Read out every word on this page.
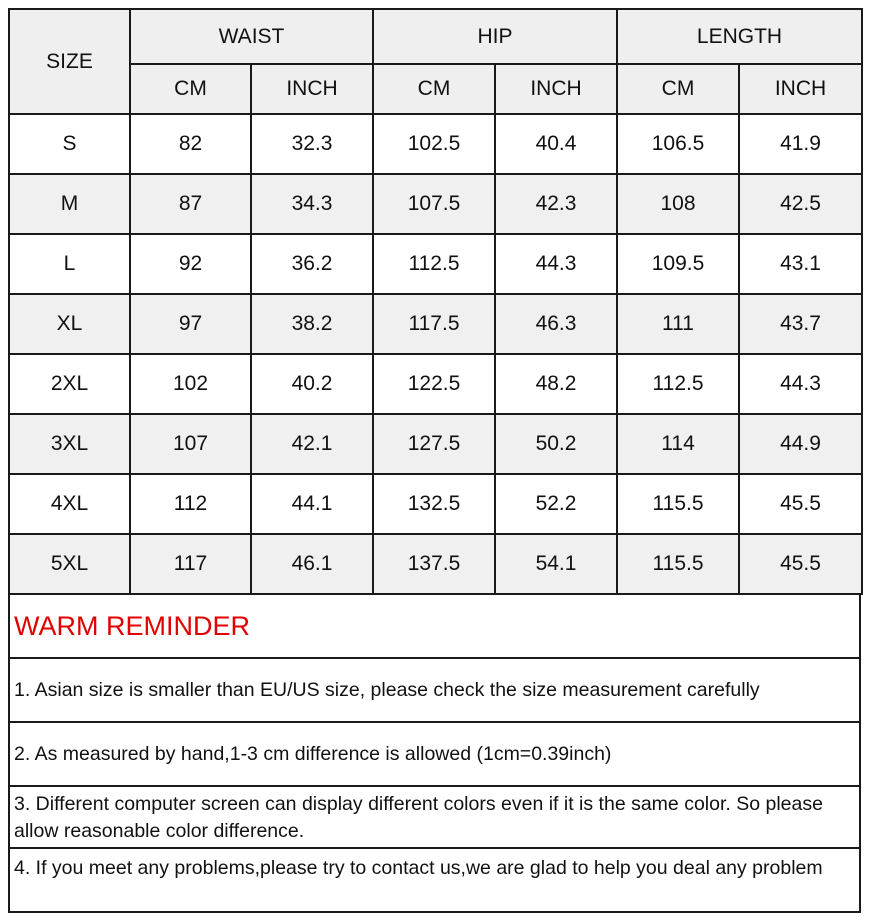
SIZE	WAIST		HIP		LENGTH	
	CM	INCH	CM	INCH	CM	INCH
S	82	32.3	102.5	40.4	106.5	41.9
M	87	34.3	107.5	42.3	108	42.5
L	92	36.2	112.5	44.3	109.5	43.1
XL	97	38.2	117.5	46.3	111	43.7
2XL	102	40.2	122.5	48.2	112.5	44.3
3XL	107	42.1	127.5	50.2	114	44.9
4XL	112	44.1	132.5	52.2	115.5	45.5
5XL	117	46.1	137.5	54.1	115.5	45.5
WARM REMINDER
1. Asian size is smaller than EU/US size, please check the size measurement carefully
2. As measured by hand,1-3 cm difference is allowed (1cm=0.39inch)
3. Different computer screen can display different colors even if it is the same color. So please allow reasonable color difference.
4. If you meet any problems,please try to contact us,we are glad to help you deal any problem
